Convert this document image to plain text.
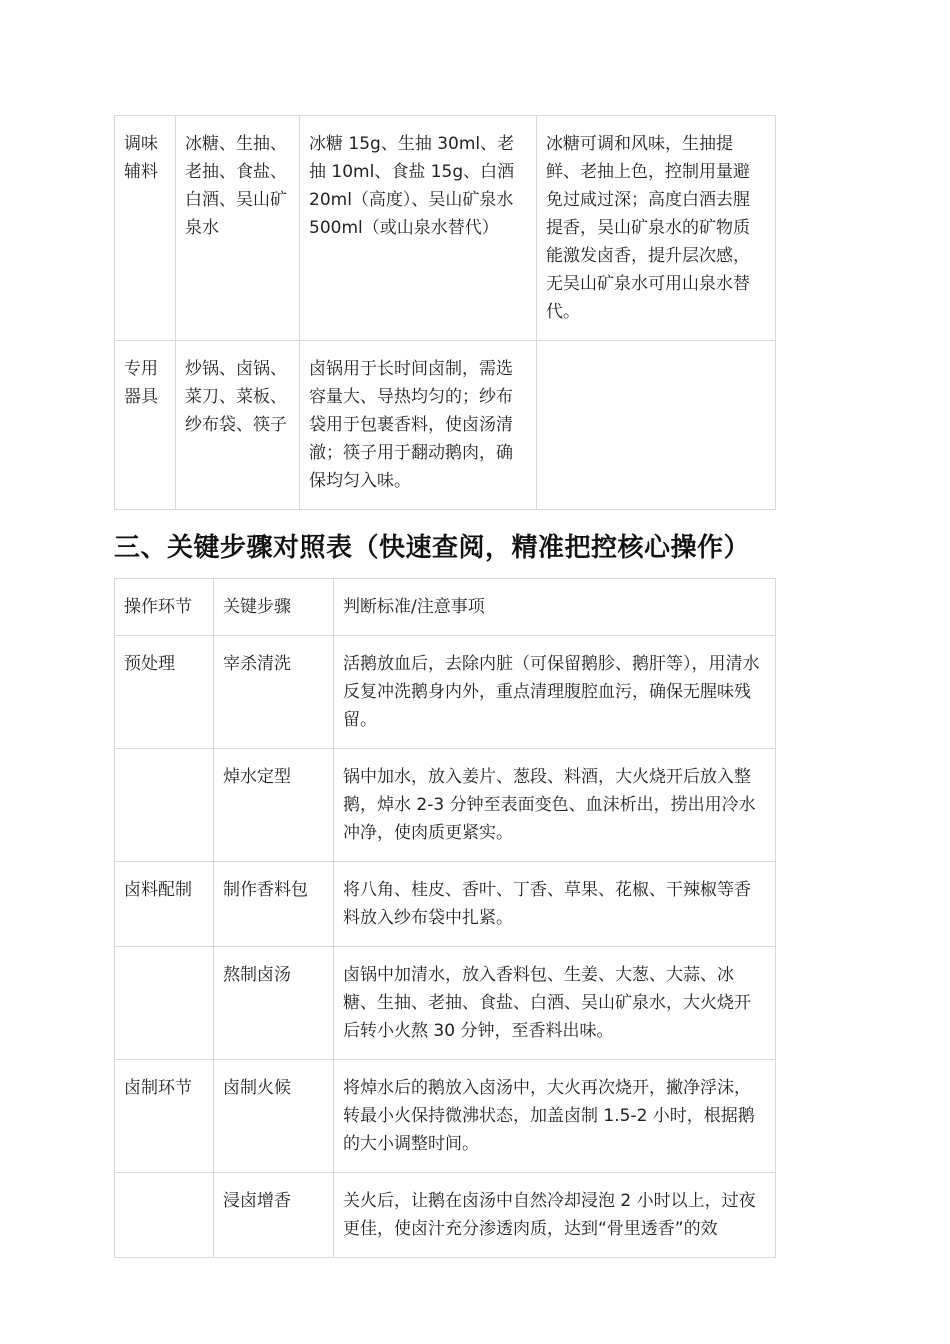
调味辅料	冰糖、生抽、老抽、食盐、白酒、吴山矿泉水	冰糖 15g、生抽 30ml、老抽 10ml、食盐 15g、白酒 20ml（高度）、吴山矿泉水 500ml（或山泉水替代）	冰糖可调和风味，生抽提鲜、老抽上色，控制用量避免过咸过深；高度白酒去腥提香，吴山矿泉水的矿物质能激发卤香，提升层次感，无吴山矿泉水可用山泉水替代。
专用器具	炒锅、卤锅、菜刀、菜板、纱布袋、筷子	卤锅用于长时间卤制，需选容量大、导热均匀的；纱布袋用于包裹香料，使卤汤清澈；筷子用于翻动鹅肉，确保均匀入味。	
三、关键步骤对照表（快速查阅，精准把控核心操作）
操作环节	关键步骤	判断标准/注意事项
预处理	宰杀清洗	活鹅放血后，去除内脏（可保留鹅胗、鹅肝等），用清水反复冲洗鹅身内外，重点清理腹腔血污，确保无腥味残留。
	焯水定型	锅中加水，放入姜片、葱段、料酒，大火烧开后放入整鹅，焯水 2-3 分钟至表面变色、血沫析出，捞出用冷水冲净，使肉质更紧实。
卤料配制	制作香料包	将八角、桂皮、香叶、丁香、草果、花椒、干辣椒等香料放入纱布袋中扎紧。
	熬制卤汤	卤锅中加清水，放入香料包、生姜、大葱、大蒜、冰糖、生抽、老抽、食盐、白酒、吴山矿泉水，大火烧开后转小火熬 30 分钟，至香料出味。
卤制环节	卤制火候	将焯水后的鹅放入卤汤中，大火再次烧开，撇净浮沫，转最小火保持微沸状态，加盖卤制 1.5-2 小时，根据鹅的大小调整时间。
	浸卤增香	关火后，让鹅在卤汤中自然冷却浸泡 2 小时以上，过夜更佳，使卤汁充分渗透肉质，达到“骨里透香”的效
